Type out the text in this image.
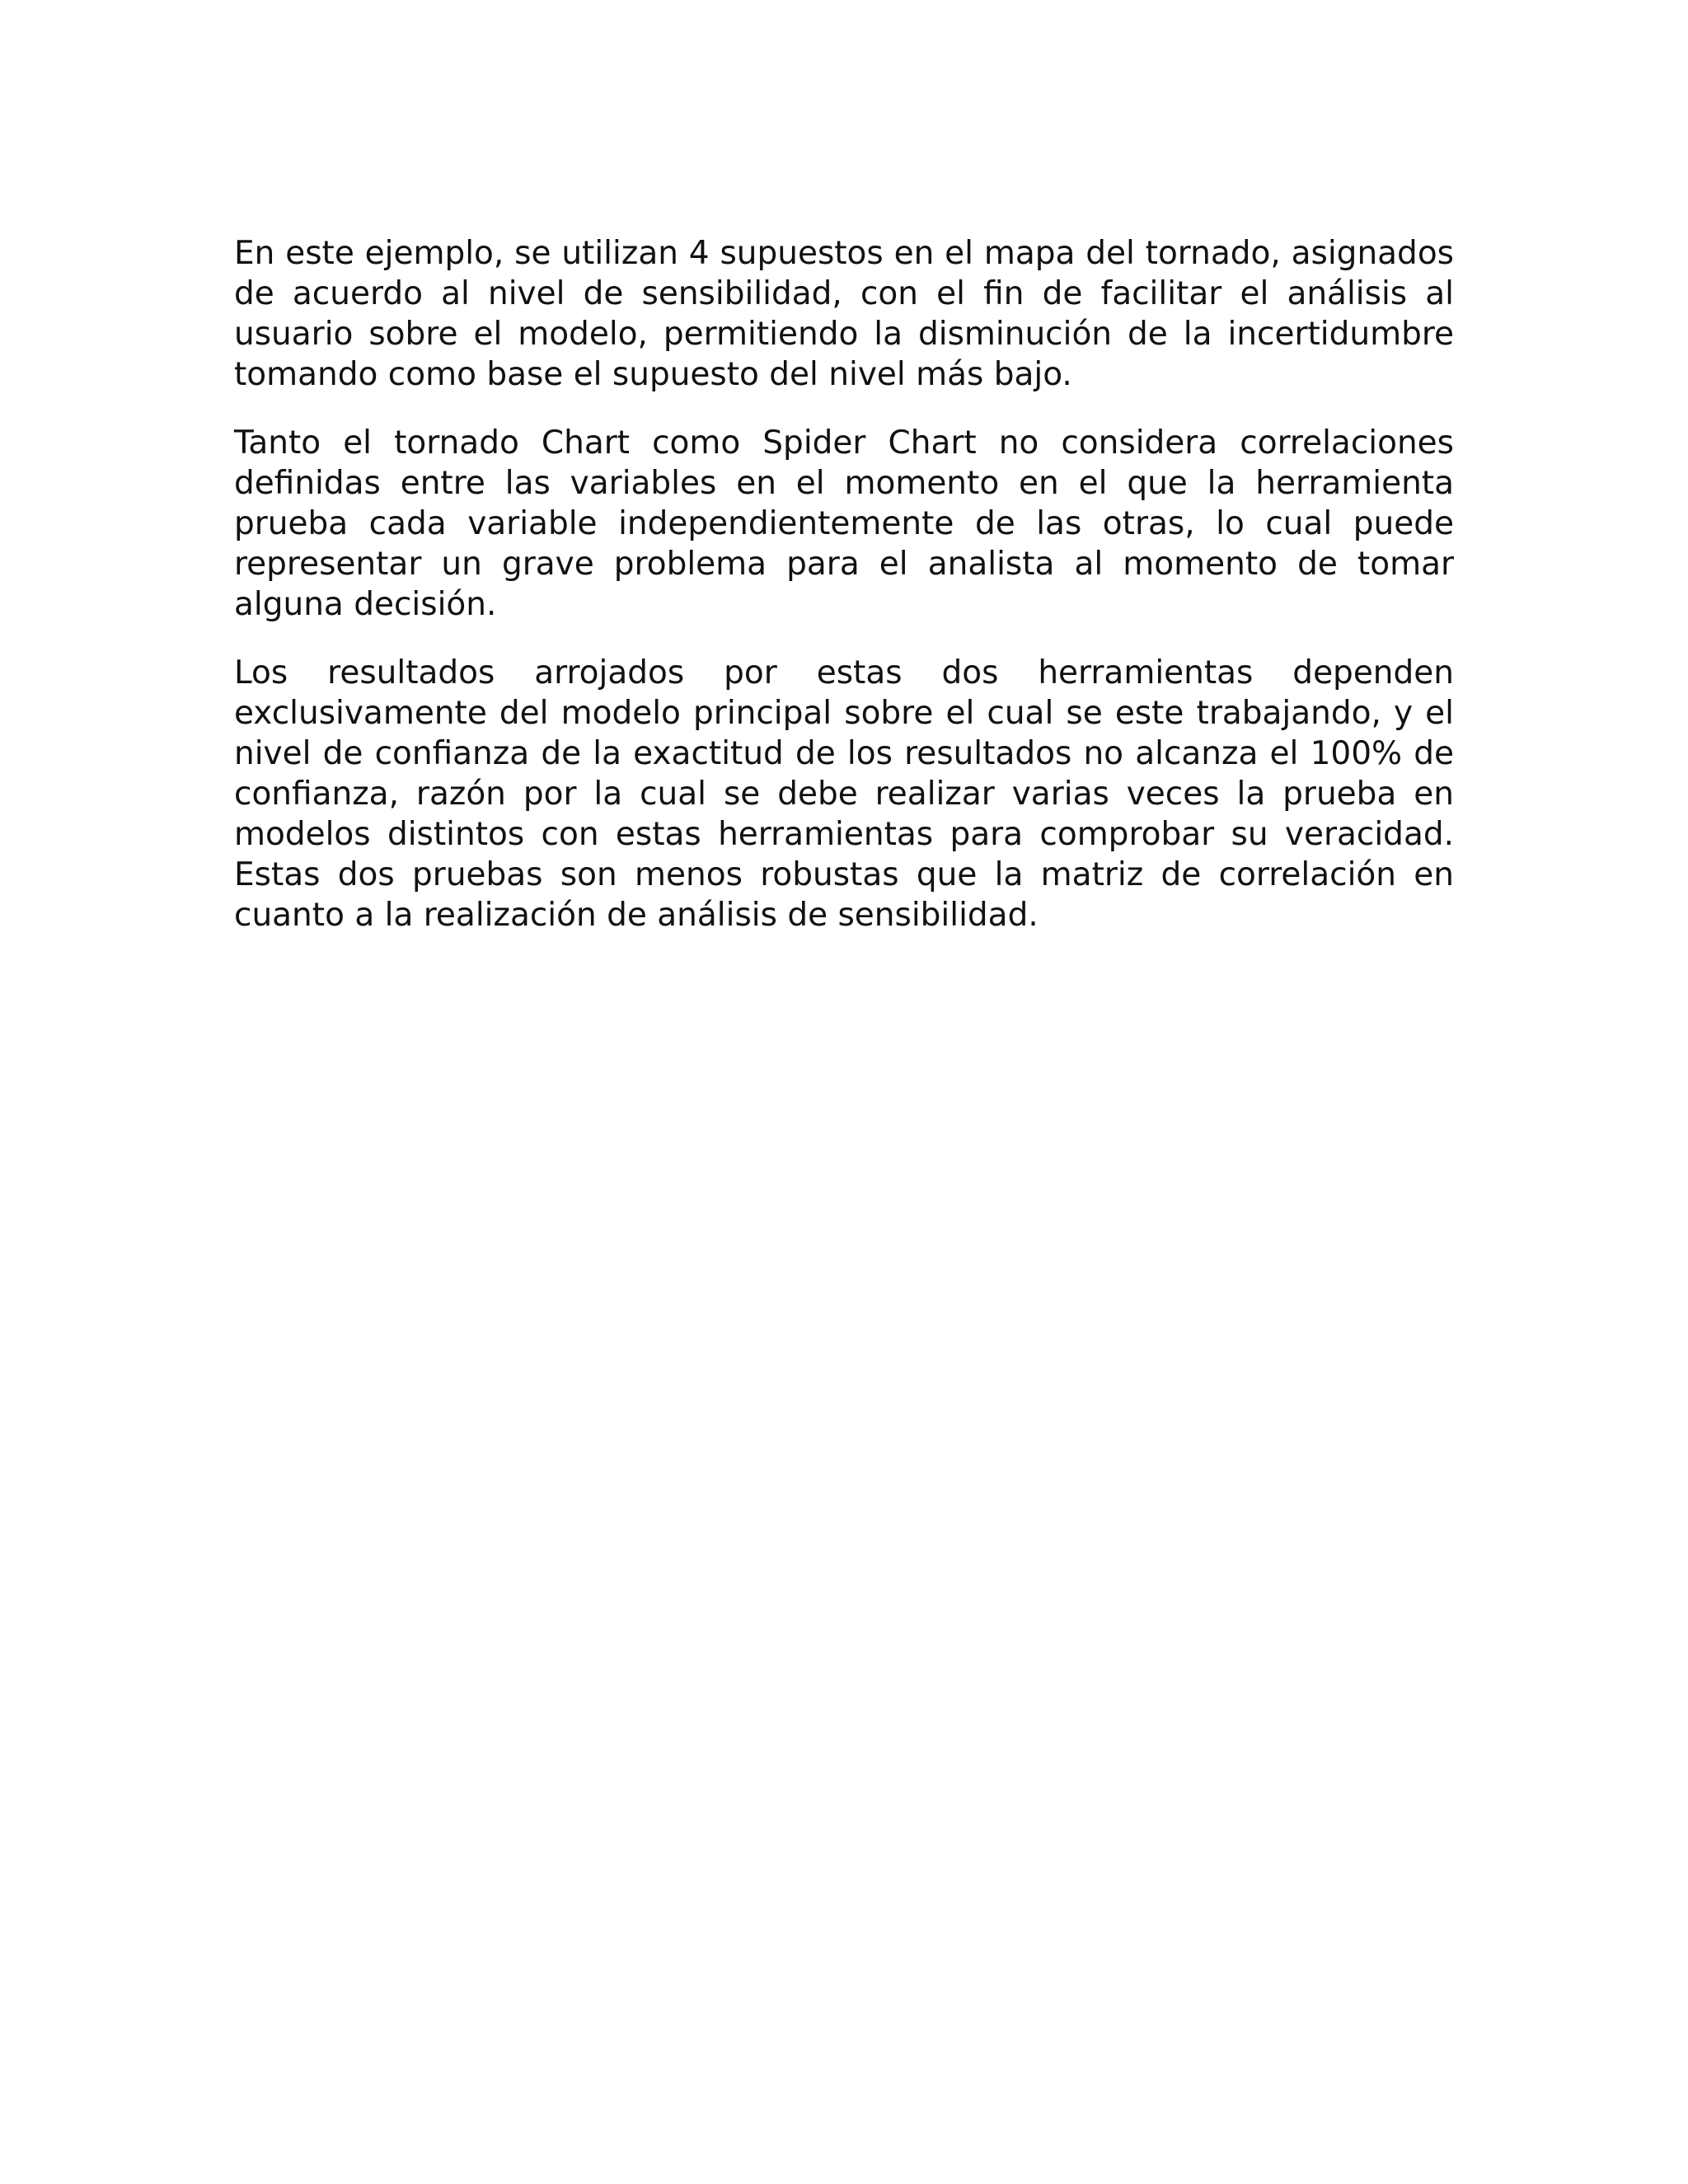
En este ejemplo, se utilizan 4 supuestos en el mapa del tornado, asignados de acuerdo al nivel de sensibilidad, con el fin de facilitar el análisis al usuario sobre el modelo, permitiendo la disminución de la incertidumbre tomando como base el supuesto del nivel más bajo.

Tanto el tornado Chart como Spider Chart no considera correlaciones definidas entre las variables en el momento en el que la herramienta prueba cada variable independientemente de las otras, lo cual puede representar un grave problema para el analista al momento de tomar alguna decisión.

Los resultados arrojados por estas dos herramientas dependen exclusivamente del modelo principal sobre el cual se este trabajando, y el nivel de confianza de la exactitud de los resultados no alcanza el 100% de confianza, razón por la cual se debe realizar varias veces la prueba en modelos distintos con estas herramientas para comprobar su veracidad. Estas dos pruebas son menos robustas que la matriz de correlación en cuanto a la realización de análisis de sensibilidad.
